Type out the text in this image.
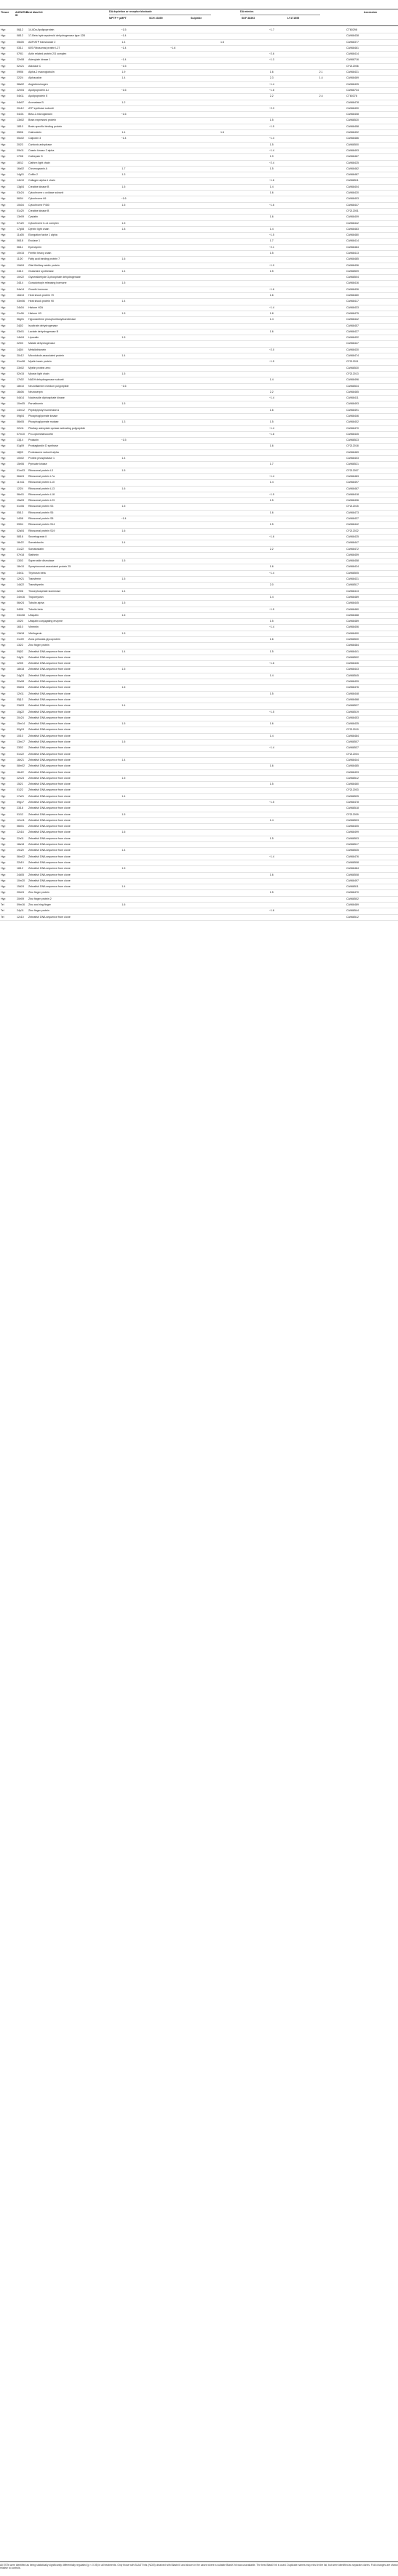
Tissue AURATUS ID
Best blast hit	DA depletion or receptor blockade	DA mimics
MPTP + pMPT	SCH 23390	Sulpiride	SKF 38393	LY171555
Accession
Hyp	06j12	14-kDa Apolipoprotein	−1.5			−1.7		CT60298
Hyp	08l12	17-Beta hydroxysteroid dehydrogenase type 12B	−1.4					CA968438
Hyp	05k05	ADP/ATP translocase 2	1.4		1.6			CA968377
Hyp	03l11	60S Ribosomal protein L27	−1.4	−1.6				CA968461
Hyp	07f01	Actin related protein 2/3 complex				−2.6		CA968414
Hyp	22n08	Adenylate kinase 1	−1.4			−1.3		CA968716
Hyp	02n21	Aldolase C	−1.5					CF212006
Hyp	09f06	Alpha-2 macroglobulin	1.9			1.6	2.1	CA968431
Hyp	22i24	Alphacalcin	1.4			2.3	1.4	CA968469
Hyp	08a02	Angiotensinogen				−1.4		CA968425
Hyp	22h04	Apolipoprotein A-I	−1.6			−1.8		CA968734
Hyp	04b11	Apolipoprotein E				2.2	2.4	CT60378
Hyp	04b07	Aromatase B	1.2					CA968478
Hyp	20c12	ATP synthase subunit				−2.3		CA968490
Hyp	04c01	Beta-2-microglobulin	−1.6					CA968408
Hyp	13b02	Brain expressed protein				1.5		CA968520
Hyp	18l10	Brain-specific binding protein				−1.5		CA968458
Hyp	05l06	Calmodulin	1.4		1.6			CA968492
Hyp	05o02	Calponin 3	−1.4			−1.4		CA968466
Hyp	20i23	Carbonic anhydrase				1.5		CA968500
Hyp	09h11	Casein kinase 2 alpha				−1.4		CA968493
Hyp	17i08	Cathepsin D				1.9		CA968467
Hyp	16f12	Clathrin light chain				−2.4		CA968425
Hyp	16a02	Chromogranin A	1.7			1.5		CA968462
Hyp	14g01	Cofilin 2	1.3					CA968487
Hyp	14h10	Collagen alpha-1 chain				−1.6		CA968511
Hyp	13g04	Creatine kinase B	1.5			1.4		CA968404
Hyp	03c24	Cytochrome c oxidase subunit				1.6		CA968420
Hyp	06l04	Cytochrome b5	−1.6					CA968403
Hyp	10k04	Cytochrome P450	1.5			−1.6		CA968447
Hyp	01c20	Creatine kinase B						CF212001
Hyp	13e09	Cystatin				1.6		CA968409
Hyp	07c20	Cytochrome b-c1 complex	1.5					CA968442
Hyp	17g08	Dynein light chain	1.8			1.4		CA968483
Hyp	11a05	Elongation factor 1 alpha				−1.5		CA968480
Hyp	06l18	Enolase 1				1.7		CA968414
Hyp	06l11	Ependymin				−2.1		CA968484
Hyp	10h15	Ferritin heavy chain				1.5		CA968413
Hyp	11l20	Fatty acid binding protein 7	1.6					CA968485
Hyp	19d04	Glial fibrillary acidic protein				−1.9		CA968436
Hyp	24i13	Glutamine synthetase	1.4			1.5		CA968509
Hyp	10e22	Glyceraldehyde 3-phosphate dehydrogenase						CA968504
Hyp	24l14	Gonadotropin releasing hormone	1.5					CA968416
Hyp	04a14	Growth hormone				−1.6		CA968426
Hyp	16d13	Heat shock protein 70				1.6		CA968460
Hyp	03m06	Heat shock protein 90	1.4					CA968417
Hyp	24k04	Histone H2A				−1.4		CA968433
Hyp	21c06	Histone H3	1.5			1.8		CA968475
Hyp	06g01	Hypoxanthine phosphoribosyltransferase				1.4		CA968442
Hyp	24j02	Isocitrate dehydrogenase						CA968457
Hyp	03h01	Lactate dehydrogenase B				1.6		CA968427
Hyp	14b04	Lipocalin	1.5					CA968432
Hyp	22i03	Malate dehydrogenase						CA968447
Hyp	14j04	Metallothionein				−2.0		CA968430
Hyp	20c12	Microtubule-associated protein	1.4					CA968474
Hyp	01m08	Myelin basic protein				−1.5		CF212011
Hyp	23h02	Myelin protein zero						CA968530
Hyp	02n15	Myosin light chain	1.5					CF212013
Hyp	17k02	NADH dehydrogenase subunit				1.4		CA968496
Hyp	18b10	Neurofilament medium polypeptide	−1.6					CA968534
Hyp	16k06	Neuroserpin				2.2		CA968465
Hyp	04d14	Nucleoside diphosphate kinase				−1.4		CA968411
Hyp	10m05	Parvalbumin	1.5					CA968493
Hyp	14m12	Peptidylprolyl isomerase A				1.6		CA968491
Hyp	09g04	Phosphoglycerate kinase						CA968446
Hyp	06b05	Phosphoglycerate mutase	1.3			1.5		CA968402
Hyp	22h11	Pituitary adenylate cyclase activating polypeptide				−1.4		CA968470
Hyp	07m10	Pro-opiomelanocortin				−1.8		CA968445
Hyp	13j14	Prolactin	−1.5					CA968523
Hyp	01g09	Prostaglandin D synthase				1.6		CF212018
Hyp	18j09	Proteasome subunit alpha						CA968469
Hyp	10b02	Protein phosphatase 1	1.4					CA968403
Hyp	15e06	Pyruvate kinase				1.7		CA968521
Hyp	01m03	Ribosomal protein L3	1.5					CF212007
Hyp	06d24	Ribosomal protein L7a				−1.4		CA968483
Hyp	11m11	Ribosomal protein L10				1.4		CA968497
Hyp	12l24	Ribosomal protein L13	1.6					CA968467
Hyp	06e01	Ribosomal protein L18				−1.5		CA968418
Hyp	15a03	Ribosomal protein L23				1.5		CA968436
Hyp	01n06	Ribosomal protein S3	1.5					CF212015
Hyp	05l13	Ribosomal protein S6				1.6		CA968473
Hyp	14l08	Ribosomal protein S8	−1.4					CA968437
Hyp	09l04	Ribosomal protein S14				1.5		CA968442
Hyp	02a04	Ribosomal protein S19	1.6					CF212022
Hyp	08l16	Secretogranin II				−1.6		CA968425
Hyp	18c22	Somatolactin	1.4					CA968447
Hyp	21c22	Somatostatin				2.2		CA968472
Hyp	07e18	Stathmin						CA968459
Hyp	13i03	Superoxide dismutase	1.5					CA968458
Hyp	18e10	Synaptosomal-associated protein 25				1.6		CA968424
Hyp	24h11	Thymosin beta				−1.4		CA968505
Hyp	12e21	Transferrin	1.5					CA968431
Hyp	14d22	Transthyretin				2.0		CA968517
Hyp	22i06	Triosephosphate isomerase	1.4					CA968413
Hyp	24m16	Tropomyosin				1.4		CA968489
Hyp	06e24	Tubulin alpha	1.5					CA968445
Hyp	04f06	Tubulin beta				−1.5		CA968460
Hyp	03m08	Ubiquitin	1.6					CA968468
Hyp	10i20	Ubiquitin conjugating enzyme				1.5		CA968489
Hyp	16l10	Vimentin				−1.4		CA968406
Hyp	13d18	Vitellogenin	1.5					CA968490
Hyp	21c09	Zona pellucida glycoprotein				1.6		CA968530
Hyp	13i22	Zinc finger protein						CA968484
Hyp	09j02	Zebrafish DNA sequence from clone	1.4			1.5		CA968441
Hyp	24g11	Zebrafish DNA sequence from clone						CA968502
Hyp	12l05	Zebrafish DNA sequence from clone				−1.6		CA968426
Hyp	18b18	Zebrafish DNA sequence from clone	1.5					CA968443
Hyp	24g24	Zebrafish DNA sequence from clone				1.4		CA968545
Hyp	22a08	Zebrafish DNA sequence from clone						CA968439
Hyp	05d04	Zebrafish DNA sequence from clone	1.6					CA968476
Hyp	12h11	Zebrafish DNA sequence from clone				1.5		CA968448
Hyp	05j13	Zebrafish DNA sequence from clone						CA968468
Hyp	23d03	Zebrafish DNA sequence from clone	1.4					CA968527
Hyp	10g22	Zebrafish DNA sequence from clone				−1.5		CA968519
Hyp	20c24	Zebrafish DNA sequence from clone						CA968453
Hyp	15m14	Zebrafish DNA sequence from clone	1.5			1.6		CA968435
Hyp	02g24	Zebrafish DNA sequence from clone						CF212019
Hyp	10l10	Zebrafish DNA sequence from clone				1.4		CA968484
Hyp	13m17	Zebrafish DNA sequence from clone	1.6					CA968507
Hyp	23l02	Zebrafish DNA sequence from clone				−1.4		CA968537
Hyp	01n22	Zebrafish DNA sequence from clone						CF212004
Hyp	16e21	Zebrafish DNA sequence from clone	1.4					CA968444
Hyp	08m02	Zebrafish DNA sequence from clone				1.6		CA968485
Hyp	16c22	Zebrafish DNA sequence from clone						CA968493
Hyp	22h23	Zebrafish DNA sequence from clone	1.5					CA968512
Hyp	15i21	Zebrafish DNA sequence from clone				1.5		CA968460
Hyp	01l22	Zebrafish DNA sequence from clone						CF212003
Hyp	17a21	Zebrafish DNA sequence from clone	1.4					CA968525
Hyp	09g17	Zebrafish DNA sequence from clone				−1.5		CA968478
Hyp	23l18	Zebrafish DNA sequence from clone						CA968518
Hyp	01f12	Zebrafish DNA sequence from clone	1.5					CF212009
Hyp	12m11	Zebrafish DNA sequence from clone				1.4		CA968503
Hyp	06b01	Zebrafish DNA sequence from clone						CA968405
Hyp	22c16	Zebrafish DNA sequence from clone	1.6					CA968499
Hyp	22a11	Zebrafish DNA sequence from clone				1.5		CA968503
Hyp	18a18	Zebrafish DNA sequence from clone						CA968517
Hyp	19c20	Zebrafish DNA sequence from clone	1.4					CA968535
Hyp	06m02	Zebrafish DNA sequence from clone				−1.4		CA968476
Hyp	22k10	Zebrafish DNA sequence from clone						CA968508
Hyp	18i12	Zebrafish DNA sequence from clone	1.5					CA968484
Hyp	24d05	Zebrafish DNA sequence from clone				1.6		CA968508
Hyp	10m20	Zebrafish DNA sequence from clone						CA968497
Hyp	15d24	Zebrafish DNA sequence from clone	1.4					CA968511
Hyp	20b24	Zinc finger protein				1.5		CA968470
Hyp	20e09	Zinc finger protein 2						CA968502
Tel	09m16	Zinc and ring finger	1.6					CA968489
Tel	24p11	Zinc finger protein				−1.6		CA968544
Tel	12c10	Zebrafish DNA sequence from clone						CA968512
All ESTs were identified as being statistically significantly differentially regulated (p < 0.05) in all treatments. Only those with BLAST hits (NCBI) obtained with Blastn/X and shown in the cases where a suitable BlastX hit was unavailable. The best BlastX hit is used. Duplicate names may exist in the list, but were identified as separate clones. Fold changes are shown relative to controls.
